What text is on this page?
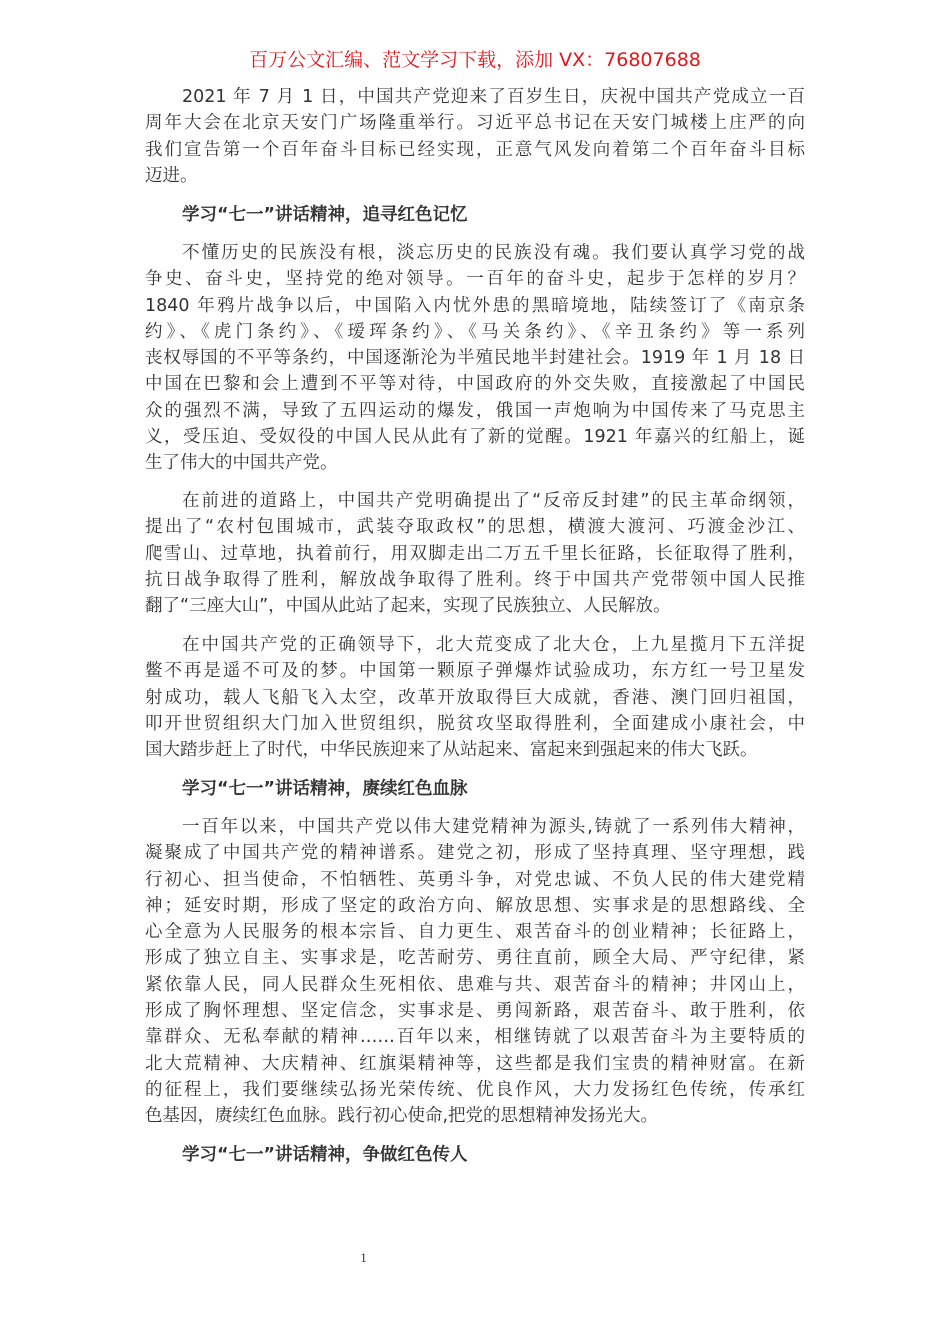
百万公文汇编、范文学习下载，添加 VX：76807688
2021 年 7 月 1 日，中国共产党迎来了百岁生日，庆祝中国共产党成立一百
周年大会在北京天安门广场隆重举行。习近平总书记在天安门城楼上庄严的向
我们宣告第一个百年奋斗目标已经实现，正意气风发向着第二个百年奋斗目标
迈进。
学习“七一”讲话精神，追寻红色记忆
不懂历史的民族没有根，淡忘历史的民族没有魂。我们要认真学习党的战
争史、奋斗史，坚持党的绝对领导。一百年的奋斗史，起步于怎样的岁月？
1840 年鸦片战争以后，中国陷入内忧外患的黑暗境地，陆续签订了《南京条
约》、《虎门条约》、《瑷珲条约》、《马关条约》、《辛丑条约》等一系列
丧权辱国的不平等条约，中国逐渐沦为半殖民地半封建社会。1919 年 1 月 18 日
中国在巴黎和会上遭到不平等对待，中国政府的外交失败，直接激起了中国民
众的强烈不满，导致了五四运动的爆发，俄国一声炮响为中国传来了马克思主
义，受压迫、受奴役的中国人民从此有了新的觉醒。1921 年嘉兴的红船上，诞
生了伟大的中国共产党。
在前进的道路上，中国共产党明确提出了“反帝反封建”的民主革命纲领，
提出了“农村包围城市，武装夺取政权”的思想，横渡大渡河、巧渡金沙江、
爬雪山、过草地，执着前行，用双脚走出二万五千里长征路，长征取得了胜利，
抗日战争取得了胜利，解放战争取得了胜利。终于中国共产党带领中国人民推
翻了“三座大山”，中国从此站了起来，实现了民族独立、人民解放。
在中国共产党的正确领导下，北大荒变成了北大仓，上九星揽月下五洋捉
鳖不再是遥不可及的梦。中国第一颗原子弹爆炸试验成功，东方红一号卫星发
射成功，载人飞船飞入太空，改革开放取得巨大成就，香港、澳门回归祖国，
叩开世贸组织大门加入世贸组织，脱贫攻坚取得胜利，全面建成小康社会，中
国大踏步赶上了时代，中华民族迎来了从站起来、富起来到强起来的伟大飞跃。
学习“七一”讲话精神，赓续红色血脉
一百年以来，中国共产党以伟大建党精神为源头,铸就了一系列伟大精神，
凝聚成了中国共产党的精神谱系。建党之初，形成了坚持真理、坚守理想，践
行初心、担当使命，不怕牺牲、英勇斗争，对党忠诚、不负人民的伟大建党精
神；延安时期，形成了坚定的政治方向、解放思想、实事求是的思想路线、全
心全意为人民服务的根本宗旨、自力更生、艰苦奋斗的创业精神；长征路上，
形成了独立自主、实事求是，吃苦耐劳、勇往直前，顾全大局、严守纪律，紧
紧依靠人民，同人民群众生死相依、患难与共、艰苦奋斗的精神；井冈山上，
形成了胸怀理想、坚定信念，实事求是、勇闯新路，艰苦奋斗、敢于胜利，依
靠群众、无私奉献的精神……百年以来，相继铸就了以艰苦奋斗为主要特质的
北大荒精神、大庆精神、红旗渠精神等，这些都是我们宝贵的精神财富。在新
的征程上，我们要继续弘扬光荣传统、优良作风，大力发扬红色传统，传承红
色基因，赓续红色血脉。践行初心使命,把党的思想精神发扬光大。
学习“七一”讲话精神，争做红色传人
1
